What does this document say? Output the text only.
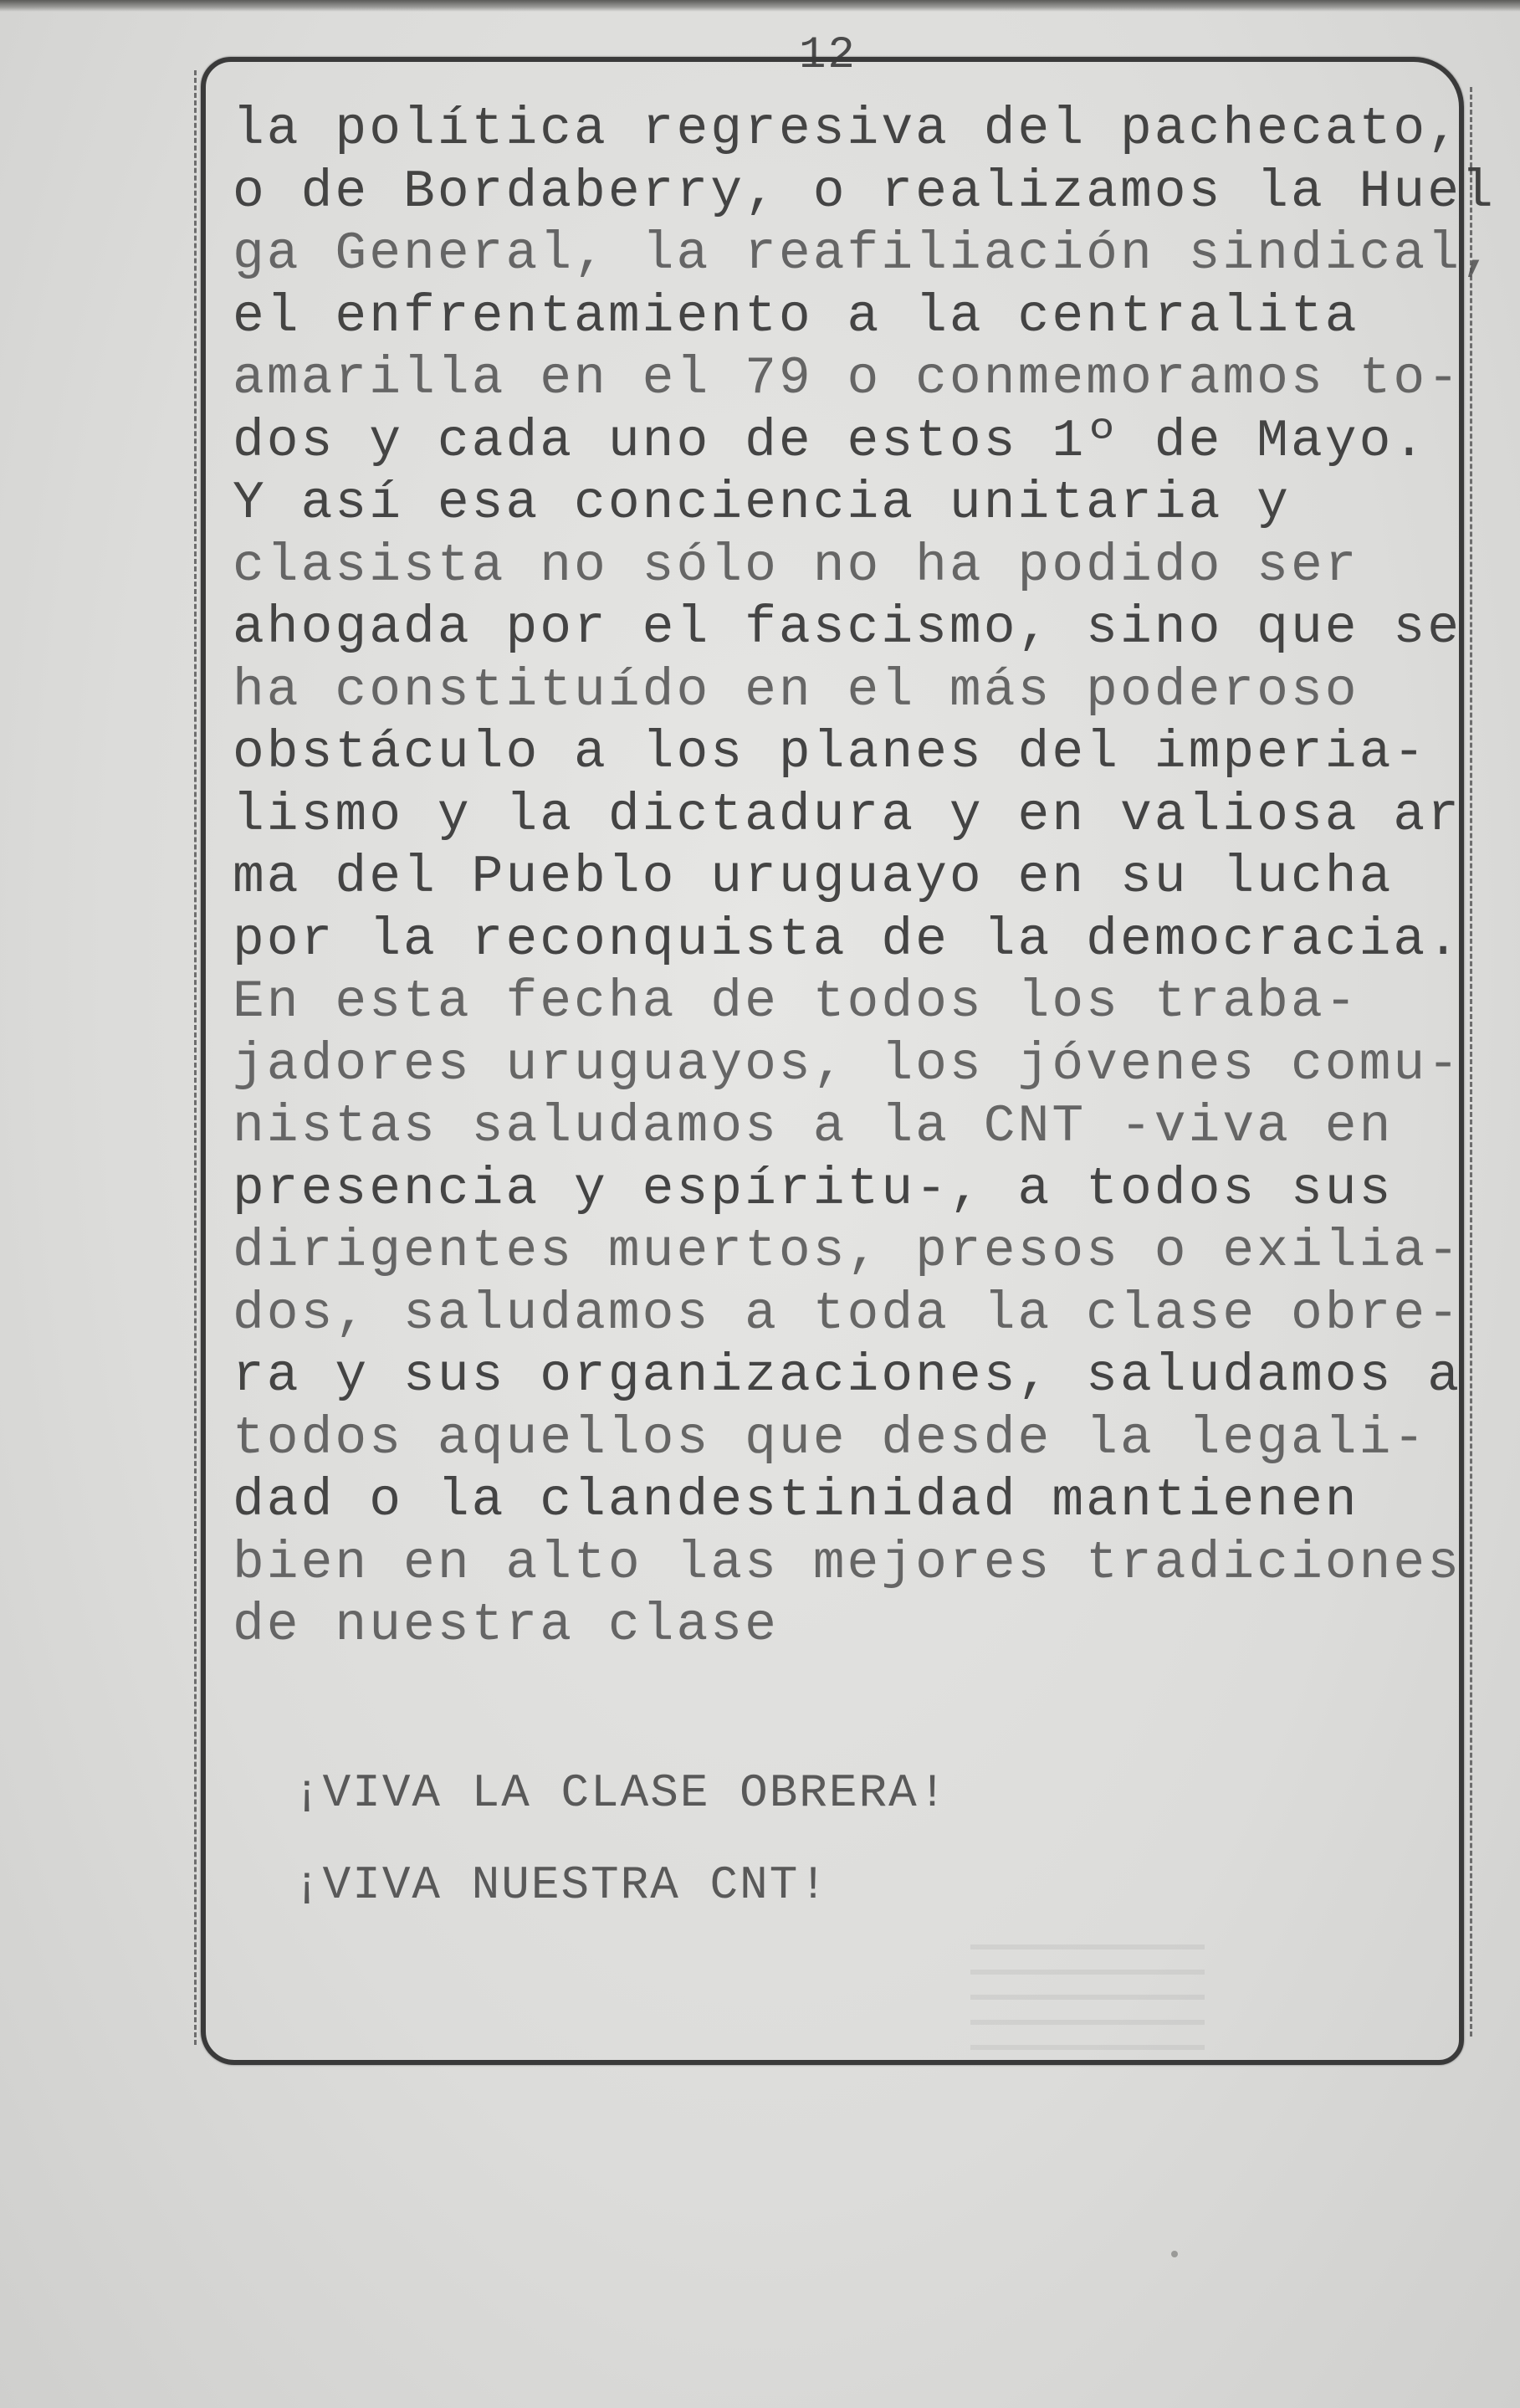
12
la política regresiva del pachecato,
o de Bordaberry, o realizamos la Huel
ga General, la reafiliación sindical,
el enfrentamiento a la centralita
amarilla en el 79 o conmemoramos to-
dos y cada uno de estos 1º de Mayo.
Y así esa conciencia unitaria y
clasista no sólo no ha podido ser
ahogada por el fascismo, sino que se
ha constituído en el más poderoso
obstáculo a los planes del imperia-
lismo y la dictadura y en valiosa ar
ma del Pueblo uruguayo en su lucha
por la reconquista de la democracia.
En esta fecha de todos los traba-
jadores uruguayos, los jóvenes comu-
nistas saludamos a la CNT -viva en
presencia y espíritu-, a todos sus
dirigentes muertos, presos o exilia-
dos, saludamos a toda la clase obre-
ra y sus organizaciones, saludamos a
todos aquellos que desde la legali-
dad o la clandestinidad mantienen
bien en alto las mejores tradiciones
de nuestra clase
¡VIVA LA CLASE OBRERA!
¡VIVA NUESTRA CNT!
